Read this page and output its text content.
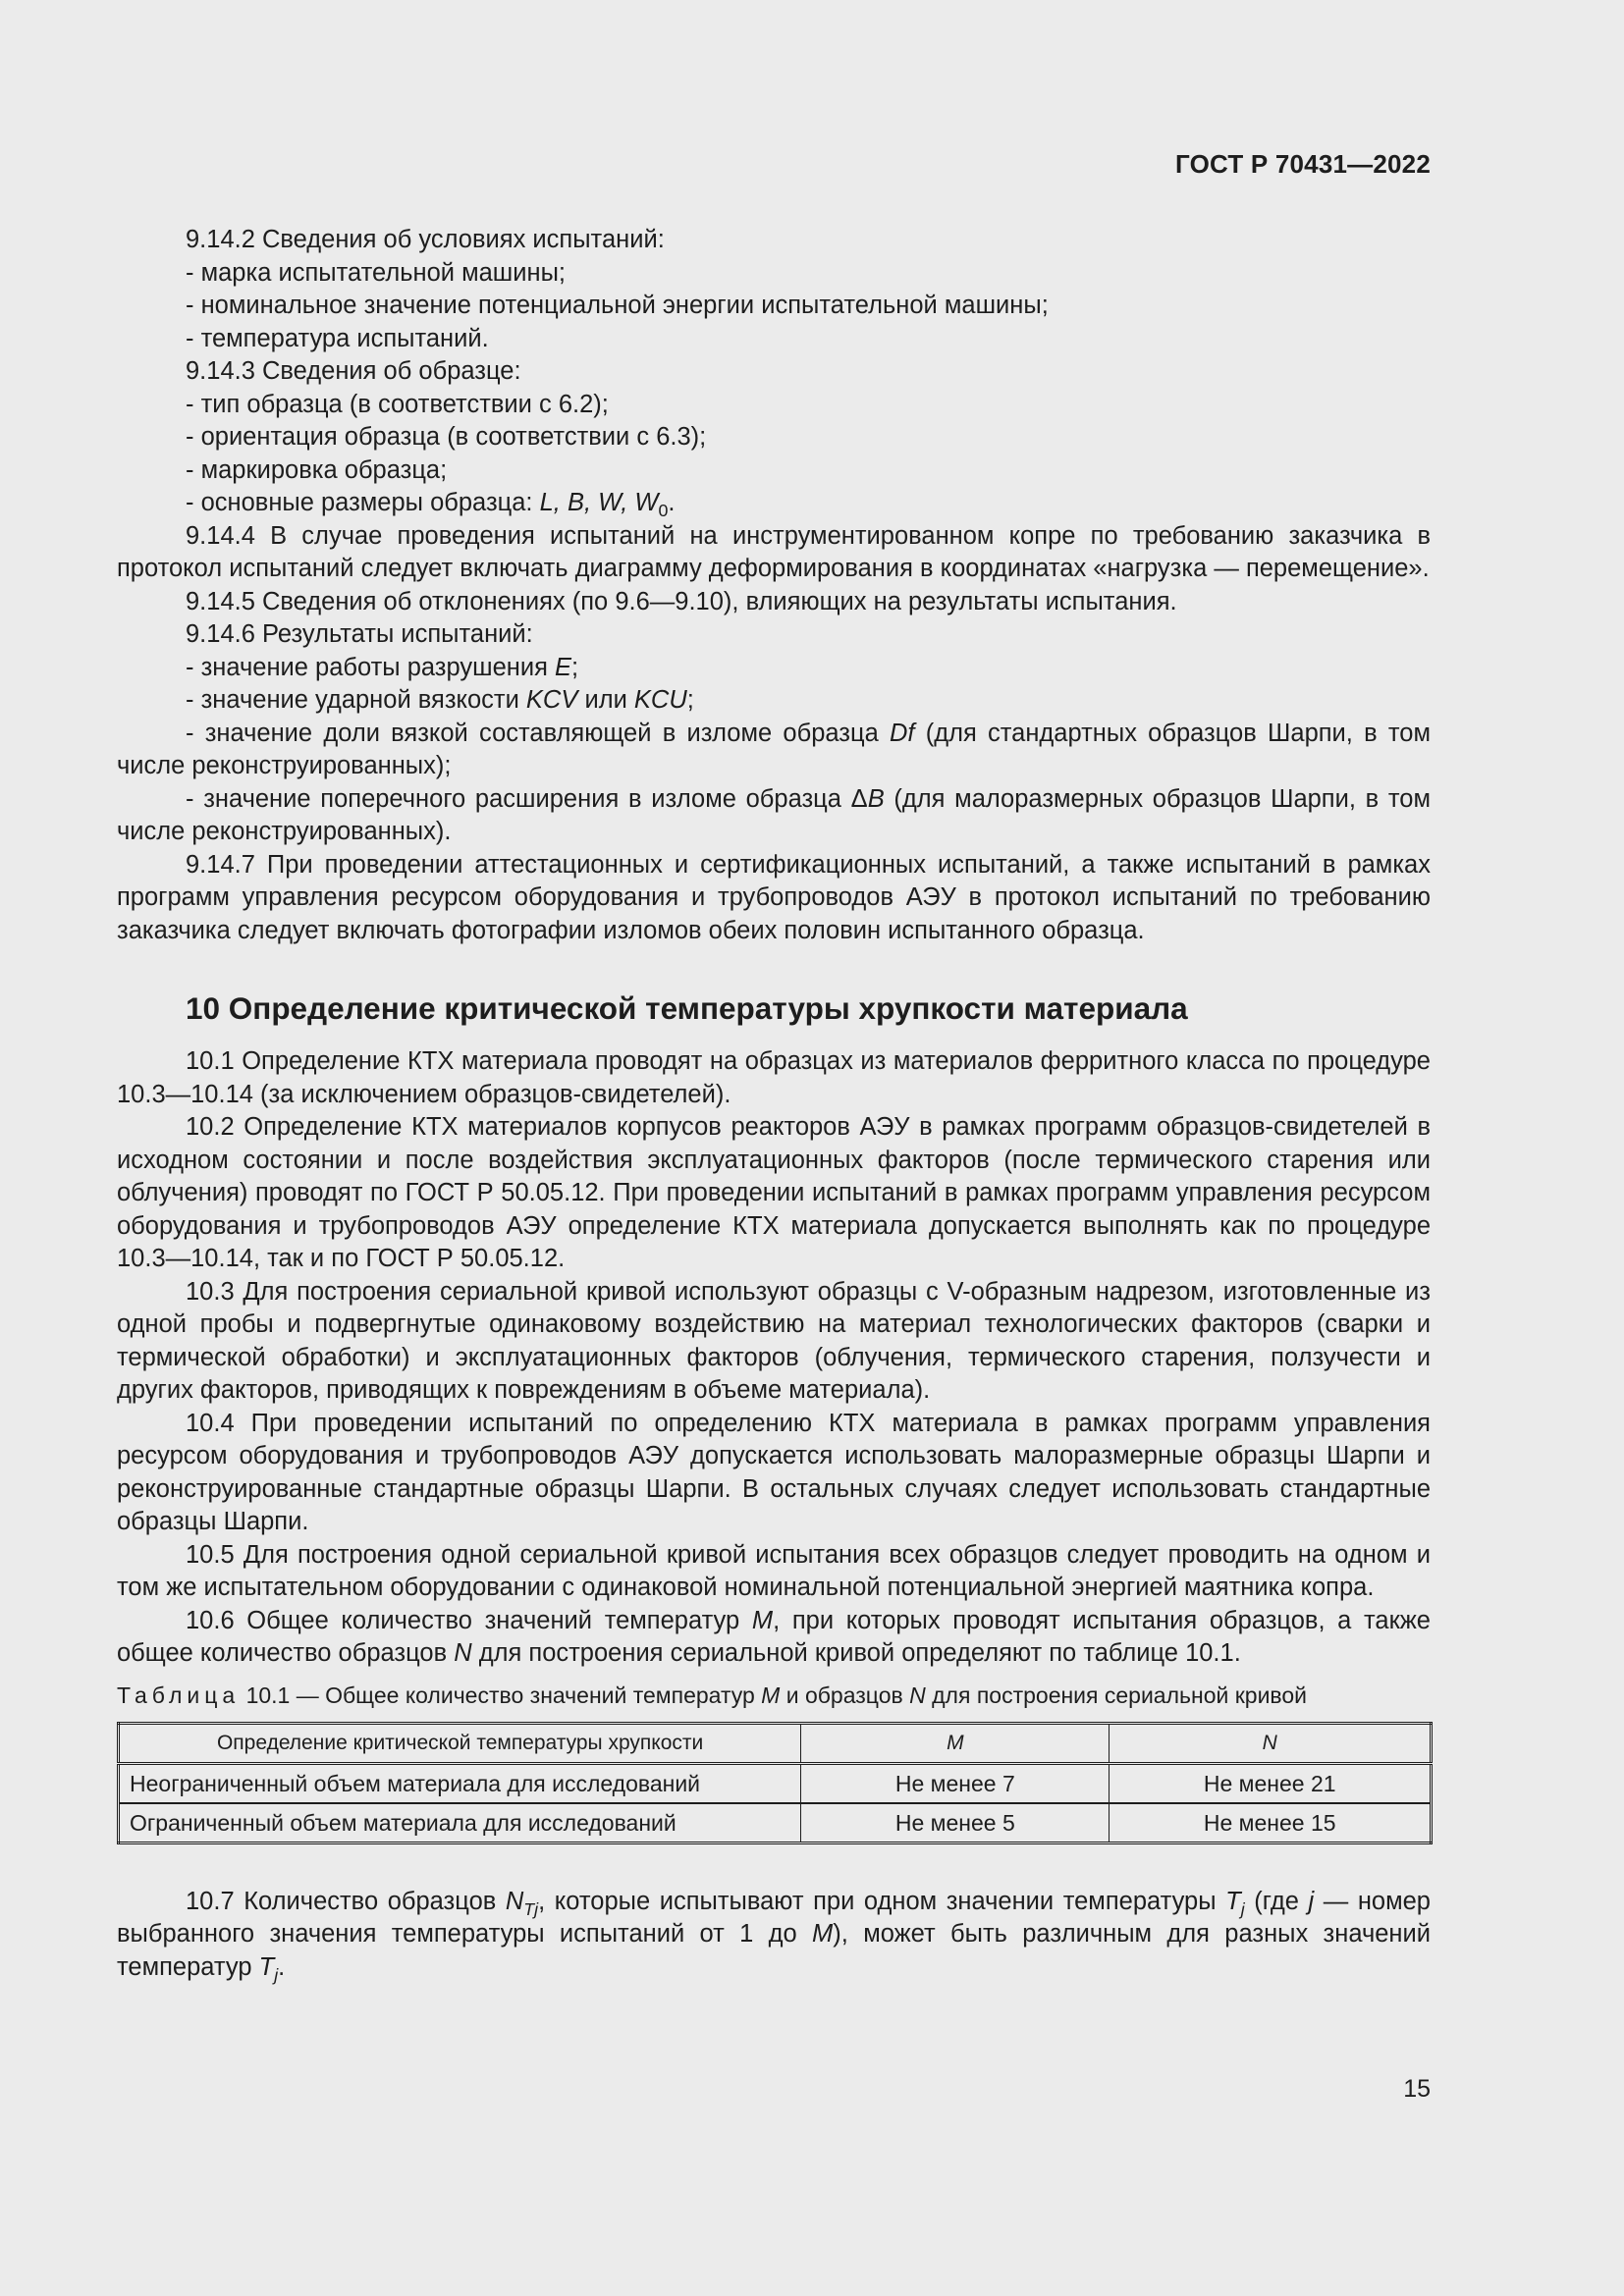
ГОСТ Р 70431—2022
9.14.2 Сведения об условиях испытаний:
- марка испытательной машины;
- номинальное значение потенциальной энергии испытательной машины;
- температура испытаний.
9.14.3 Сведения об образце:
- тип образца (в соответствии с 6.2);
- ориентация образца (в соответствии с 6.3);
- маркировка образца;
- основные размеры образца: L, B, W, $W_0$.
9.14.4 В случае проведения испытаний на инструментированном копре по требованию заказчика в протокол испытаний следует включать диаграмму деформирования в координатах «нагрузка — перемещение».
9.14.5 Сведения об отклонениях (по 9.6—9.10), влияющих на результаты испытания.
9.14.6 Результаты испытаний:
- значение работы разрушения E;
- значение ударной вязкости KCV или KCU;
- значение доли вязкой составляющей в изломе образца Df (для стандартных образцов Шарпи, в том числе реконструированных);
- значение поперечного расширения в изломе образца ΔB (для малоразмерных образцов Шарпи, в том числе реконструированных).
9.14.7 При проведении аттестационных и сертификационных испытаний, а также испытаний в рамках программ управления ресурсом оборудования и трубопроводов АЭУ в протокол испытаний по требованию заказчика следует включать фотографии изломов обеих половин испытанного образца.
10 Определение критической температуры хрупкости материала
10.1 Определение КТХ материала проводят на образцах из материалов ферритного класса по процедуре 10.3—10.14 (за исключением образцов-свидетелей).
10.2 Определение КТХ материалов корпусов реакторов АЭУ в рамках программ образцов-свидетелей в исходном состоянии и после воздействия эксплуатационных факторов (после термического старения или облучения) проводят по ГОСТ Р 50.05.12. При проведении испытаний в рамках программ управления ресурсом оборудования и трубопроводов АЭУ определение КТХ материала допускается выполнять как по процедуре 10.3—10.14, так и по ГОСТ Р 50.05.12.
10.3 Для построения сериальной кривой используют образцы с V-образным надрезом, изготовленные из одной пробы и подвергнутые одинаковому воздействию на материал технологических факторов (сварки и термической обработки) и эксплуатационных факторов (облучения, термического старения, ползучести и других факторов, приводящих к повреждениям в объеме материала).
10.4 При проведении испытаний по определению КТХ материала в рамках программ управления ресурсом оборудования и трубопроводов АЭУ допускается использовать малоразмерные образцы Шарпи и реконструированные стандартные образцы Шарпи. В остальных случаях следует использовать стандартные образцы Шарпи.
10.5 Для построения одной сериальной кривой испытания всех образцов следует проводить на одном и том же испытательном оборудовании с одинаковой номинальной потенциальной энергией маятника копра.
10.6 Общее количество значений температур M, при которых проводят испытания образцов, а также общее количество образцов N для построения сериальной кривой определяют по таблице 10.1.
Таблица 10.1 — Общее количество значений температур M и образцов N для построения сериальной кривой
Определение критической температуры хрупкости	M	N
Неограниченный объем материала для исследований	Не менее 7	Не менее 21
Ограниченный объем материала для исследований	Не менее 5	Не менее 15
10.7 Количество образцов $N_{Tj}$, которые испытывают при одном значении температуры $T_j$ (где j — номер выбранного значения температуры испытаний от 1 до M), может быть различным для разных значений температур $T_j$.
15
